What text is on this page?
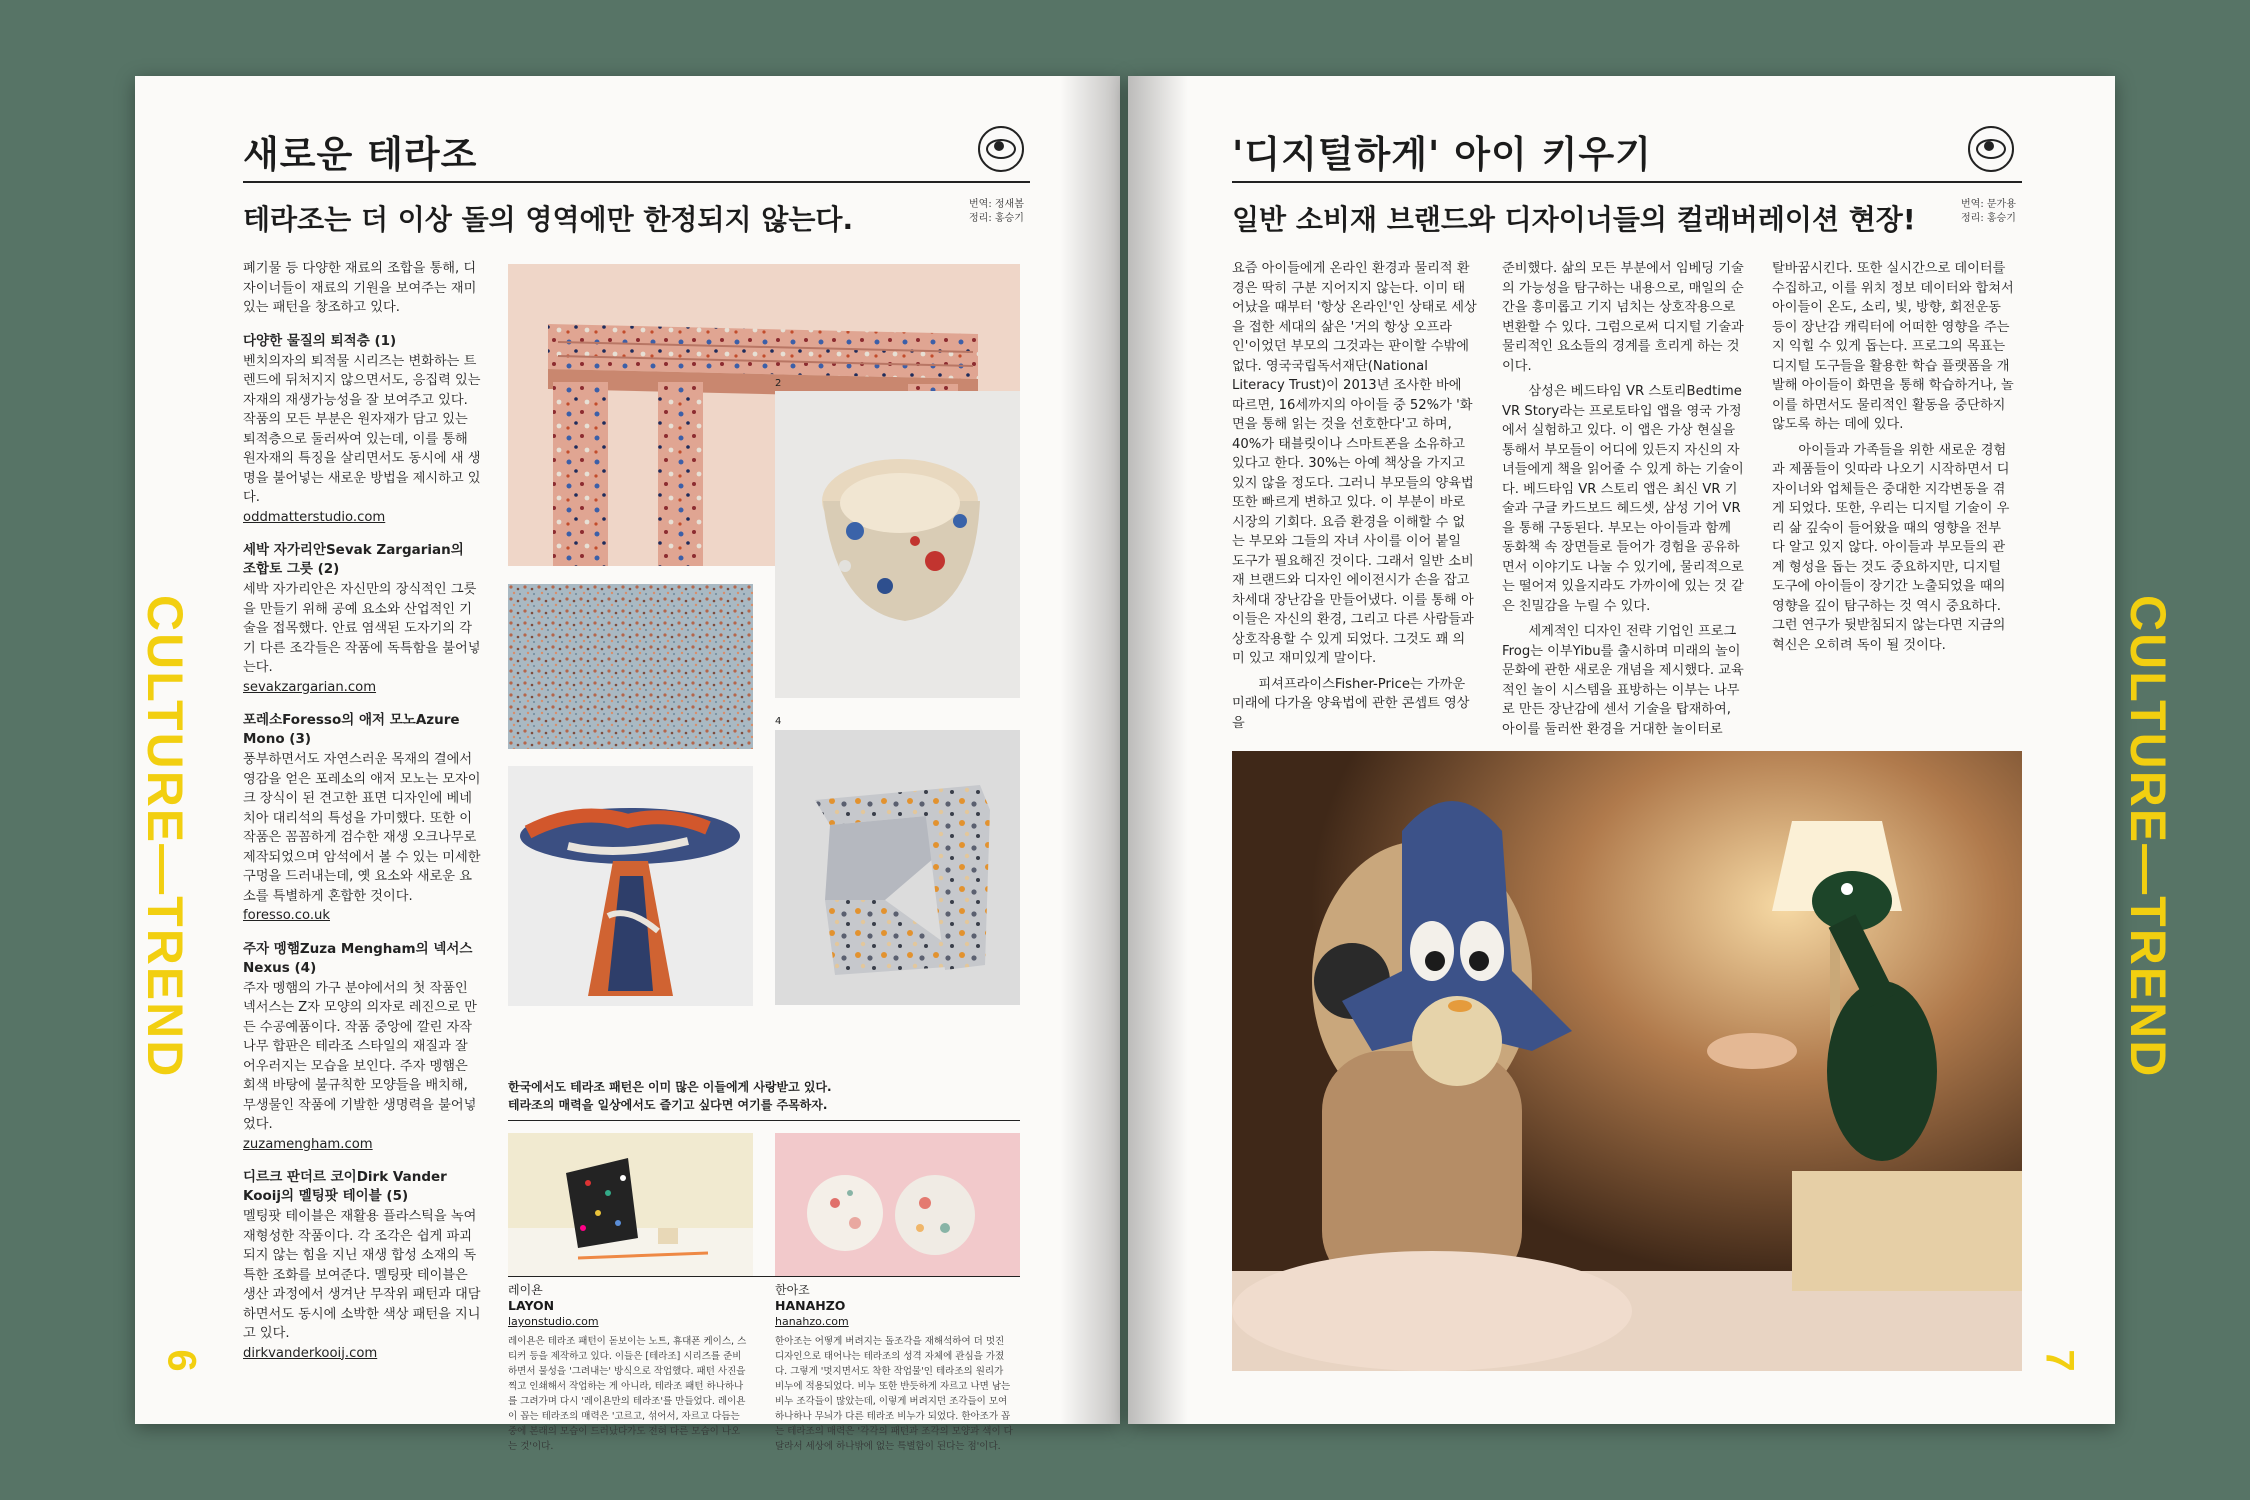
새로운 테라조
테라조는 더 이상 돌의 영역에만 한정되지 않는다.	번역: 정새봄
정리: 홍승기
CULTURE—TREND
6

폐기물 등 다양한 재료의 조합을 통해, 디자이너들이 재료의 기원을 보여주는 재미있는 패턴을 창조하고 있다.

다양한 물질의 퇴적층 (1)

벤치의자의 퇴적물 시리즈는 변화하는 트렌드에 뒤처지지 않으면서도, 응집력 있는 자재의 재생가능성을 잘 보여주고 있다. 작품의 모든 부분은 원자재가 담고 있는 퇴적층으로 둘러싸여 있는데, 이를 통해 원자재의 특징을 살리면서도 동시에 새 생명을 불어넣는 새로운 방법을 제시하고 있다.

oddmatterstudio.com
세박 자가리안Sevak Zargarian의 조합토 그릇 (2)

세박 자가리안은 자신만의 장식적인 그릇을 만들기 위해 공예 요소와 산업적인 기술을 접목했다. 안료 염색된 도자기의 각기 다른 조각들은 작품에 독특함을 불어넣는다.

sevakzargarian.com
포레소Foresso의 애저 모노Azure Mono (3)

풍부하면서도 자연스러운 목재의 결에서 영감을 얻은 포레소의 애저 모노는 모자이크 장식이 된 견고한 표면 디자인에 베네치아 대리석의 특성을 가미했다. 또한 이 작품은 꼼꼼하게 검수한 재생 오크나무로 제작되었으며 암석에서 볼 수 있는 미세한 구멍을 드러내는데, 옛 요소와 새로운 요소를 특별하게 혼합한 것이다.

foresso.co.uk
주자 멩햄Zuza Mengham의 넥서스Nexus (4)

주자 멩햄의 가구 분야에서의 첫 작품인 넥서스는 Z자 모양의 의자로 레진으로 만든 수공예품이다. 작품 중앙에 깔린 자작나무 합판은 테라조 스타일의 재질과 잘 어우러지는 모습을 보인다. 주자 멩햄은 회색 바탕에 불규칙한 모양들을 배치해, 무생물인 작품에 기발한 생명력을 불어넣었다.

zuzamengham.com
디르크 판더르 코이Dirk Vander Kooij의 멜팅팟 테이블 (5)

멜팅팟 테이블은 재활용 플라스틱을 녹여 재형성한 작품이다. 각 조각은 쉽게 파괴되지 않는 힘을 지닌 재생 합성 소재의 독특한 조화를 보여준다. 멜팅팟 테이블은 생산 과정에서 생겨난 무작위 패턴과 대담하면서도 동시에 소박한 색상 패턴을 지니고 있다.

dirkvanderkooij.com
2
4
한국에서도 테라조 패턴은 이미 많은 이들에게 사랑받고 있다.
테라조의 매력을 일상에서도 즐기고 싶다면 여기를 주목하자.
레이욘
LAYON
layonstudio.com
레이욘은 테라조 패턴이 돋보이는 노트, 휴대폰 케이스, 스티커 등을 제작하고 있다. 이들은 [테라조] 시리즈를 준비하면서 물성을 '그려내는' 방식으로 작업했다. 패턴 사진을 찍고 인쇄해서 작업하는 게 아니라, 테라조 패턴 하나하나를 그려가며 다시 '레이욘만의 테라조'를 만들었다. 레이욘이 꼽는 테라조의 매력은 '고르고, 섞어서, 자르고 다듬는 중에 본래의 모습이 드러났다가도 전혀 다른 모습이 나오는 것'이다.
한아조
HANAHZO
hanahzo.com
한아조는 어떻게 버려지는 돌조각을 재해석하여 더 멋진 디자인으로 태어나는 테라조의 성격 자체에 관심을 가졌다. 그렇게 '멋지면서도 착한 작업물'인 테라조의 원리가 비누에 적용되었다. 비누 또한 반듯하게 자르고 나면 남는 비누 조각들이 많았는데, 이렇게 버려지던 조각들이 모여 하나하나 무늬가 다른 테라조 비누가 되었다. 한아조가 꼽는 테라조의 매력은 '각각의 패턴과 조각의 모양과 색이 다 달라서 세상에 하나밖에 없는 특별함이 된다는 점'이다.
'디지털하게' 아이 키우기
일반 소비재 브랜드와 디자이너들의 컬래버레이션 현장!	번역: 문가용
정리: 홍승기
CULTURE—TREND
7

요즘 아이들에게 온라인 환경과 물리적 환경은 딱히 구분 지어지지 않는다. 이미 태어났을 때부터 '항상 온라인'인 상태로 세상을 접한 세대의 삶은 '거의 항상 오프라인'이었던 부모의 그것과는 판이할 수밖에 없다. 영국국립독서재단(National Literacy Trust)이 2013년 조사한 바에 따르면, 16세까지의 아이들 중 52%가 '화면을 통해 읽는 것을 선호한다'고 하며, 40%가 태블릿이나 스마트폰을 소유하고 있다고 한다. 30%는 아예 책상을 가지고 있지 않을 정도다. 그러니 부모들의 양육법 또한 빠르게 변하고 있다. 이 부분이 바로 시장의 기회다. 요즘 환경을 이해할 수 없는 부모와 그들의 자녀 사이를 이어 붙일 도구가 필요해진 것이다. 그래서 일반 소비재 브랜드와 디자인 에이전시가 손을 잡고 차세대 장난감을 만들어냈다. 이를 통해 아이들은 자신의 환경, 그리고 다른 사람들과 상호작용할 수 있게 되었다. 그것도 꽤 의미 있고 재미있게 말이다.

피셔프라이스Fisher-Price는 가까운 미래에 다가올 양육법에 관한 콘셉트 영상을

준비했다. 삶의 모든 부분에서 임베딩 기술의 가능성을 탐구하는 내용으로, 매일의 순간을 흥미롭고 기지 넘치는 상호작용으로 변환할 수 있다. 그럼으로써 디지털 기술과 물리적인 요소들의 경계를 흐리게 하는 것이다.

삼성은 베드타임 VR 스토리Bedtime VR Story라는 프로토타입 앱을 영국 가정에서 실험하고 있다. 이 앱은 가상 현실을 통해서 부모들이 어디에 있든지 자신의 자녀들에게 책을 읽어줄 수 있게 하는 기술이다. 베드타임 VR 스토리 앱은 최신 VR 기술과 구글 카드보드 헤드셋, 삼성 기어 VR을 통해 구동된다. 부모는 아이들과 함께 동화책 속 장면들로 들어가 경험을 공유하면서 이야기도 나눌 수 있기에, 물리적으로는 떨어져 있을지라도 가까이에 있는 것 같은 친밀감을 누릴 수 있다.

세계적인 디자인 전략 기업인 프로그Frog는 이부Yibu를 출시하며 미래의 놀이문화에 관한 새로운 개념을 제시했다. 교육적인 놀이 시스템을 표방하는 이부는 나무로 만든 장난감에 센서 기술을 탑재하여, 아이를 둘러싼 환경을 거대한 놀이터로

탈바꿈시킨다. 또한 실시간으로 데이터를 수집하고, 이를 위치 정보 데이터와 합쳐서 아이들이 온도, 소리, 빛, 방향, 회전운동 등이 장난감 캐릭터에 어떠한 영향을 주는지 익힐 수 있게 돕는다. 프로그의 목표는 디지털 도구들을 활용한 학습 플랫폼을 개발해 아이들이 화면을 통해 학습하거나, 놀이를 하면서도 물리적인 활동을 중단하지 않도록 하는 데에 있다.

아이들과 가족들을 위한 새로운 경험과 제품들이 잇따라 나오기 시작하면서 디자이너와 업체들은 중대한 지각변동을 겪게 되었다. 또한, 우리는 디지털 기술이 우리 삶 깊숙이 들어왔을 때의 영향을 전부 다 알고 있지 않다. 아이들과 부모들의 관계 형성을 돕는 것도 중요하지만, 디지털 도구에 아이들이 장기간 노출되었을 때의 영향을 깊이 탐구하는 것 역시 중요하다. 그런 연구가 뒷받침되지 않는다면 지금의 혁신은 오히려 독이 될 것이다.
